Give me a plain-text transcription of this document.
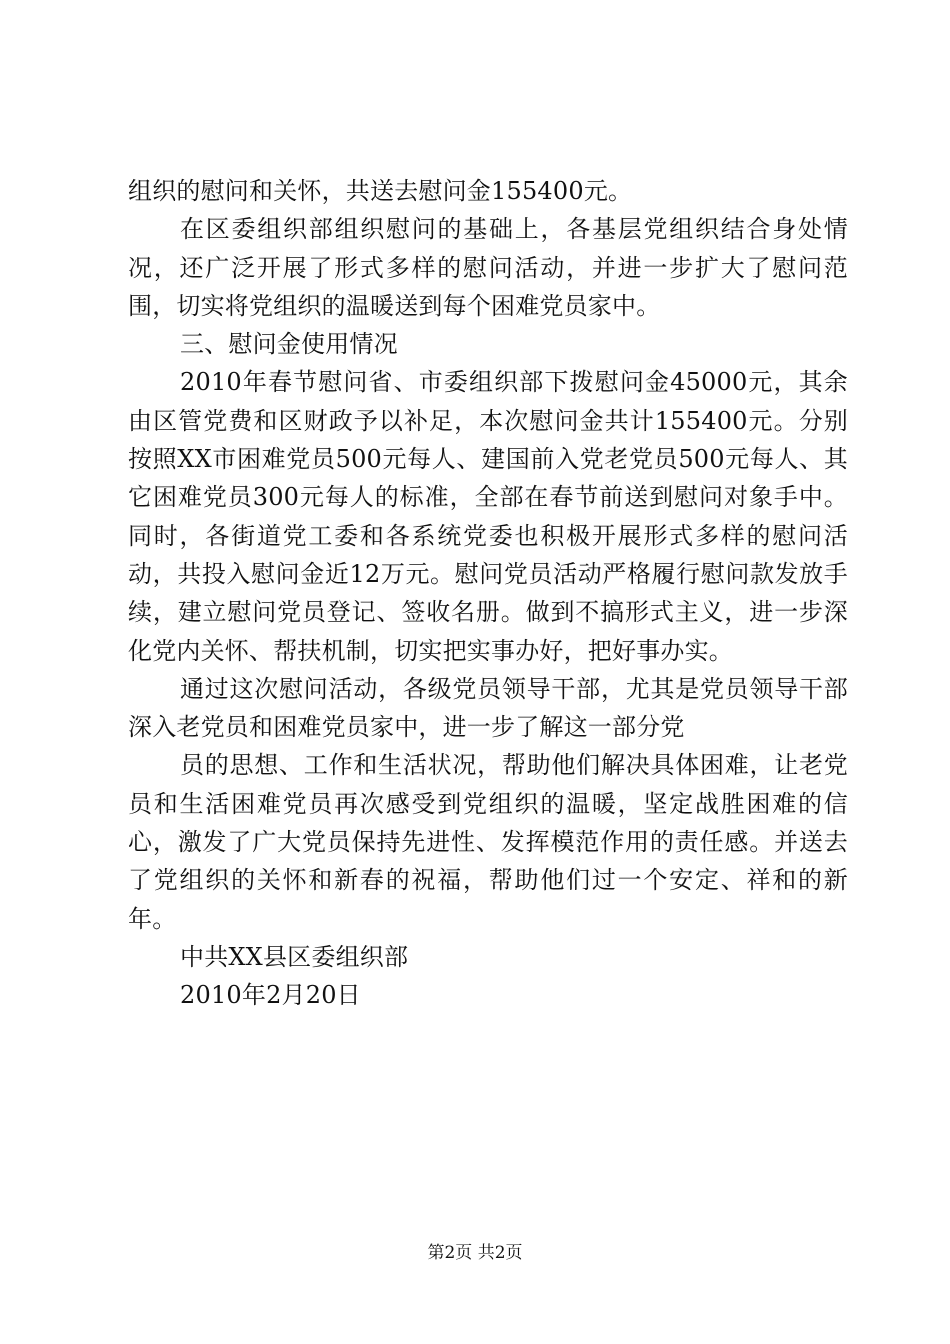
组织的慰问和关怀，共送去慰问金155400元。

在区委组织部组织慰问的基础上，各基层党组织结合身处情况，还广泛开展了形式多样的慰问活动，并进一步扩大了慰问范围，切实将党组织的温暖送到每个困难党员家中。

三、慰问金使用情况

2010年春节慰问省、市委组织部下拨慰问金45000元，其余由区管党费和区财政予以补足，本次慰问金共计155400元。分别按照XX市困难党员500元每人、建国前入党老党员500元每人、其它困难党员300元每人的标准，全部在春节前送到慰问对象手中。同时，各街道党工委和各系统党委也积极开展形式多样的慰问活动，共投入慰问金近12万元。慰问党员活动严格履行慰问款发放手续，建立慰问党员登记、签收名册。做到不搞形式主义，进一步深化党内关怀、帮扶机制，切实把实事办好，把好事办实。

通过这次慰问活动，各级党员领导干部，尤其是党员领导干部深入老党员和困难党员家中，进一步了解这一部分党

员的思想、工作和生活状况，帮助他们解决具体困难，让老党员和生活困难党员再次感受到党组织的温暖，坚定战胜困难的信心，激发了广大党员保持先进性、发挥模范作用的责任感。并送去了党组织的关怀和新春的祝福，帮助他们过一个安定、祥和的新年。

中共XX县区委组织部

2010年2月20日

第2页 共2页
